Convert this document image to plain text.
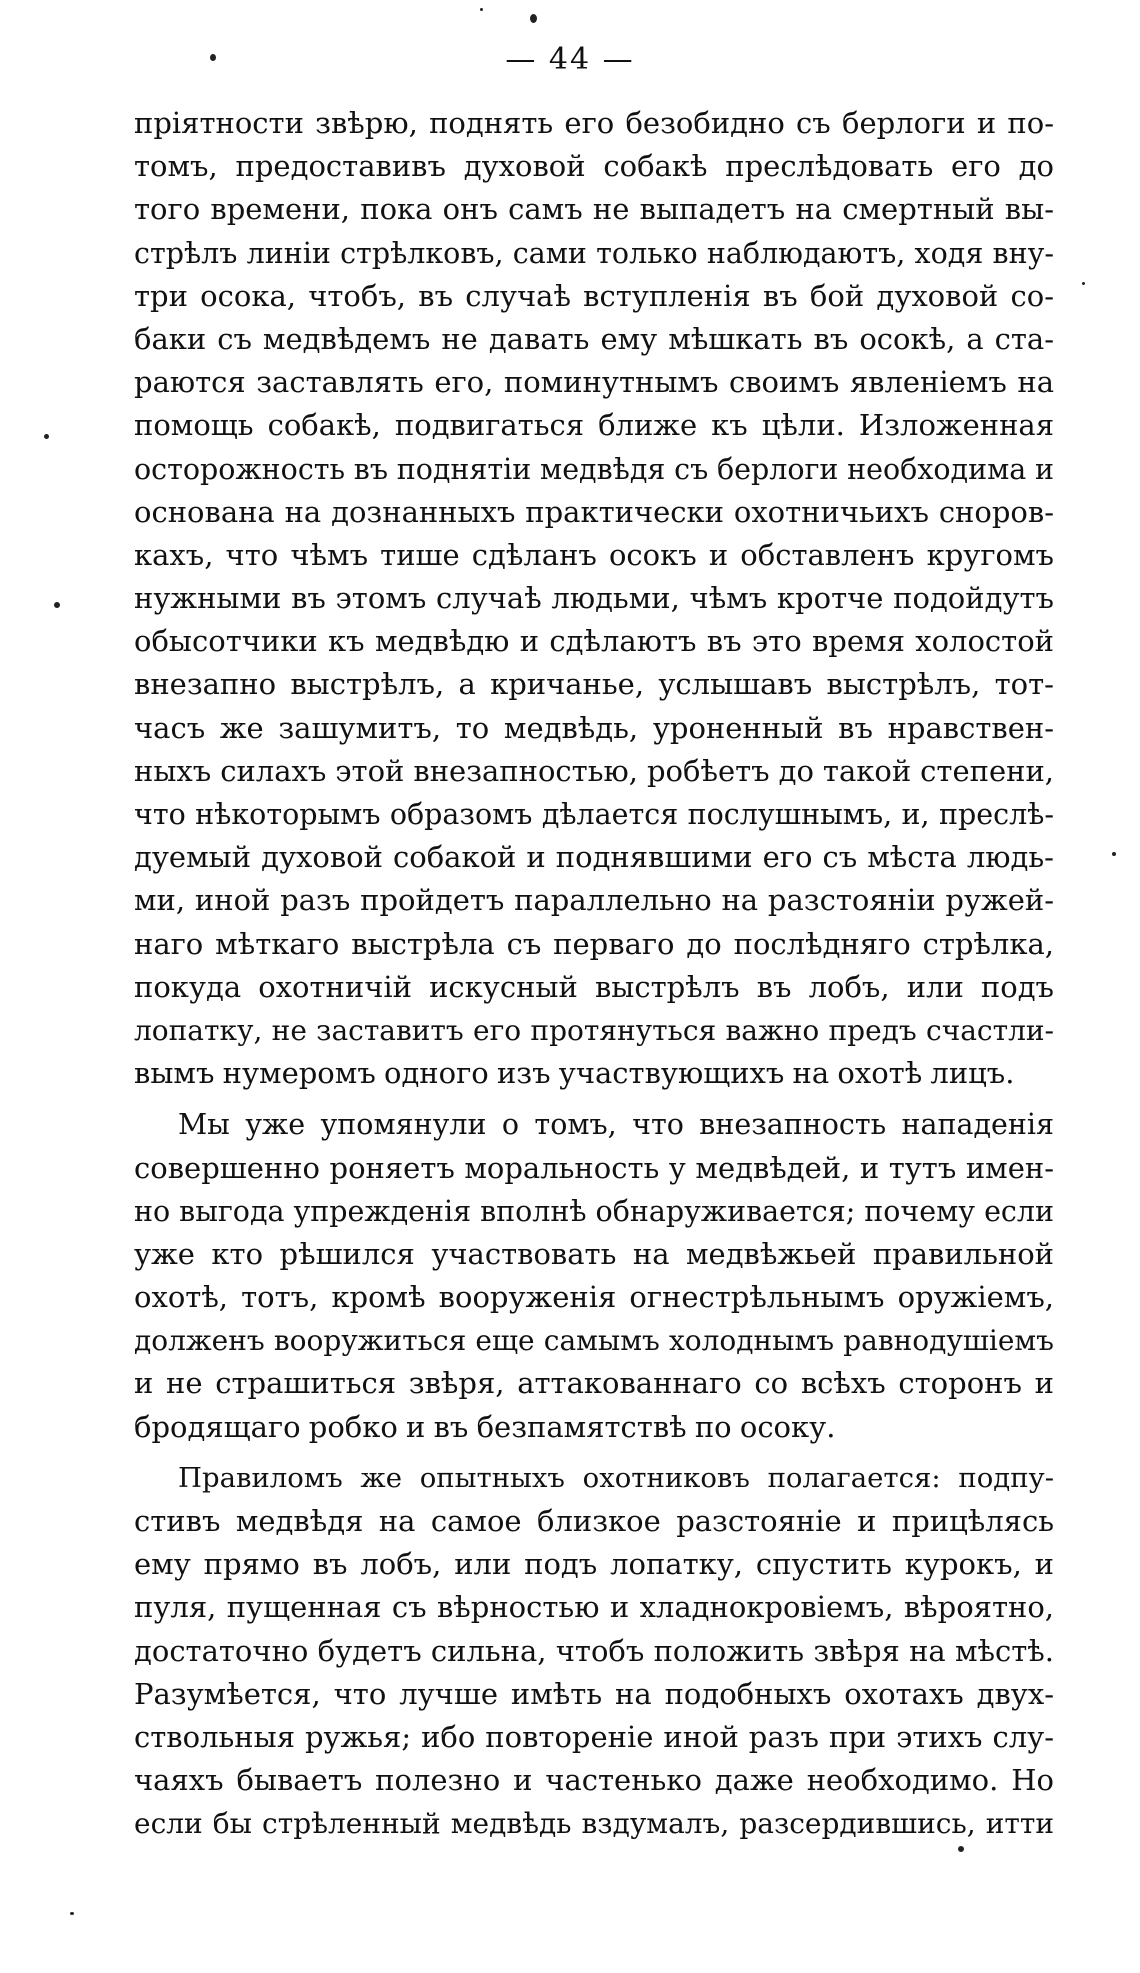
— 44 —
пріятности звѣрю, поднять его безобидно съ берлоги и по-
томъ, предоставивъ духовой собакѣ преслѣдовать его до
того времени, пока онъ самъ не выпадетъ на смертный вы-
стрѣлъ линіи стрѣлковъ, сами только наблюдаютъ, ходя вну-
три осока, чтобъ, въ случаѣ вступленія въ бой духовой со-
баки съ медвѣдемъ не давать ему мѣшкать въ осокѣ, а ста-
раются заставлять его, поминутнымъ своимъ явленіемъ на
помощь собакѣ, подвигаться ближе къ цѣли. Изложенная
осторожность въ поднятіи медвѣдя съ берлоги необходима и
основана на дознанныхъ практически охотничьихъ сноров-
кахъ, что чѣмъ тише сдѣланъ осокъ и обставленъ кругомъ
нужными въ этомъ случаѣ людьми, чѣмъ кротче подойдутъ
обысотчики къ медвѣдю и сдѣлаютъ въ это время холостой
внезапно выстрѣлъ, а кричанье, услышавъ выстрѣлъ, тот-
часъ же зашумитъ, то медвѣдь, уроненный въ нравствен-
ныхъ силахъ этой внезапностью, робѣетъ до такой степени,
что нѣкоторымъ образомъ дѣлается послушнымъ, и, преслѣ-
дуемый духовой собакой и поднявшими его съ мѣста людь-
ми, иной разъ пройдетъ параллельно на разстояніи ружей-
наго мѣткаго выстрѣла съ перваго до послѣдняго стрѣлка,
покуда охотничій искусный выстрѣлъ въ лобъ, или подъ
лопатку, не заставитъ его протянуться важно предъ счастли-
вымъ нумеромъ одного изъ участвующихъ на охотѣ лицъ.
Мы уже упомянули о томъ, что внезапность нападенія
совершенно роняетъ моральность у медвѣдей, и тутъ имен-
но выгода упрежденія вполнѣ обнаруживается; почему если
уже кто рѣшился участвовать на медвѣжьей правильной
охотѣ, тотъ, кромѣ вооруженія огнестрѣльнымъ оружіемъ,
долженъ вооружиться еще самымъ холоднымъ равнодушіемъ
и не страшиться звѣря, аттакованнаго со всѣхъ сторонъ и
бродящаго робко и въ безпамятствѣ по осоку.
Правиломъ же опытныхъ охотниковъ полагается: подпу-
стивъ медвѣдя на самое близкое разстояніе и прицѣлясь
ему прямо въ лобъ, или подъ лопатку, спустить курокъ, и
пуля, пущенная съ вѣрностью и хладнокровіемъ, вѣроятно,
достаточно будетъ сильна, чтобъ положить звѣря на мѣстѣ.
Разумѣется, что лучше имѣть на подобныхъ охотахъ двух-
ствольныя ружья; ибо повтореніе иной разъ при этихъ слу-
чаяхъ бываетъ полезно и частенько даже необходимо. Но
если бы стрѣленный медвѣдь вздумалъ, разсердившись, итти
